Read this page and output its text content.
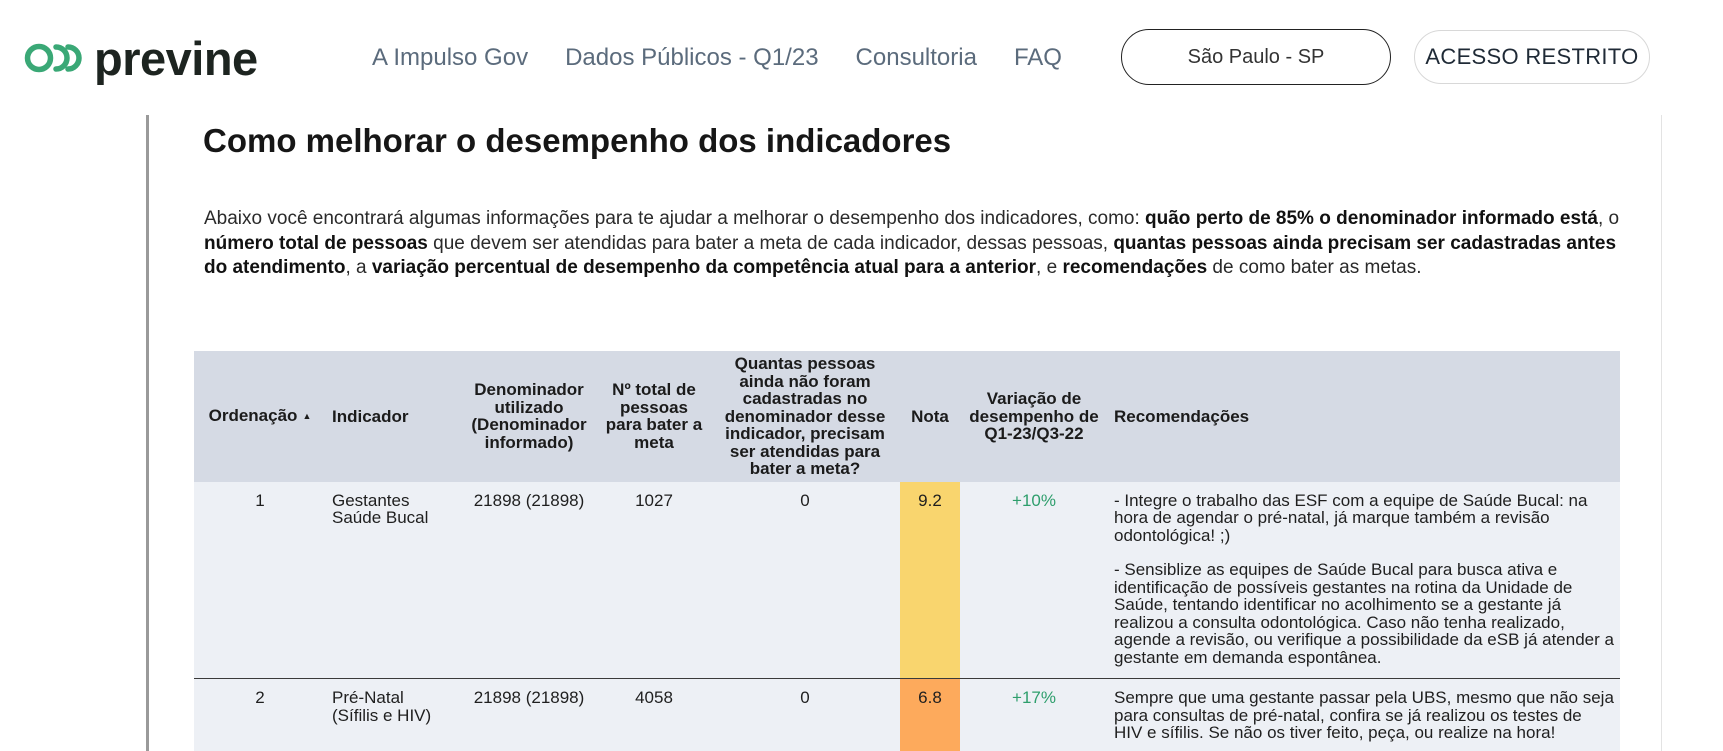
previne	A Impulso Gov Dados Públicos - Q1/23 Consultoria FAQ	São Paulo - SP	ACESSO RESTRITO
Como melhorar o desempenho dos indicadores

Abaixo você encontrará algumas informações para te ajudar a melhorar o desempenho dos indicadores, como: quão perto de 85% o denominador informado está, o número total de pessoas que devem ser atendidas para bater a meta de cada indicador, dessas pessoas, quantas pessoas ainda precisam ser cadastradas antes do atendimento, a variação percentual de desempenho da competência atual para a anterior, e recomendações de como bater as metas.

Ordenação ▲	Indicador	Denominador utilizado (Denominador informado)	Nº total de pessoas para bater a meta	Quantas pessoas ainda não foram cadastradas no denominador desse indicador, precisam ser atendidas para bater a meta?	Nota	Variação de desempenho de Q1-23/Q3-22	Recomendações
1	Gestantes Saúde Bucal	21898 (21898)	1027	0	9.2	+10%	- Integre o trabalho das ESF com a equipe de Saúde Bucal: na hora de agendar o pré-natal, já marque também a revisão odontológica! ;)

- Sensiblize as equipes de Saúde Bucal para busca ativa e identificação de possíveis gestantes na rotina da Unidade de Saúde, tentando identificar no acolhimento se a gestante já realizou a consulta odontológica. Caso não tenha realizado, agende a revisão, ou verifique a possibilidade da eSB já atender a gestante em demanda espontânea.

2	Pré-Natal (Sífilis e HIV)	21898 (21898)	4058	0	6.8	+17%	Sempre que uma gestante passar pela UBS, mesmo que não seja para consultas de pré-natal, confira se já realizou os testes de HIV e sífilis. Se não os tiver feito, peça, ou realize na hora!
